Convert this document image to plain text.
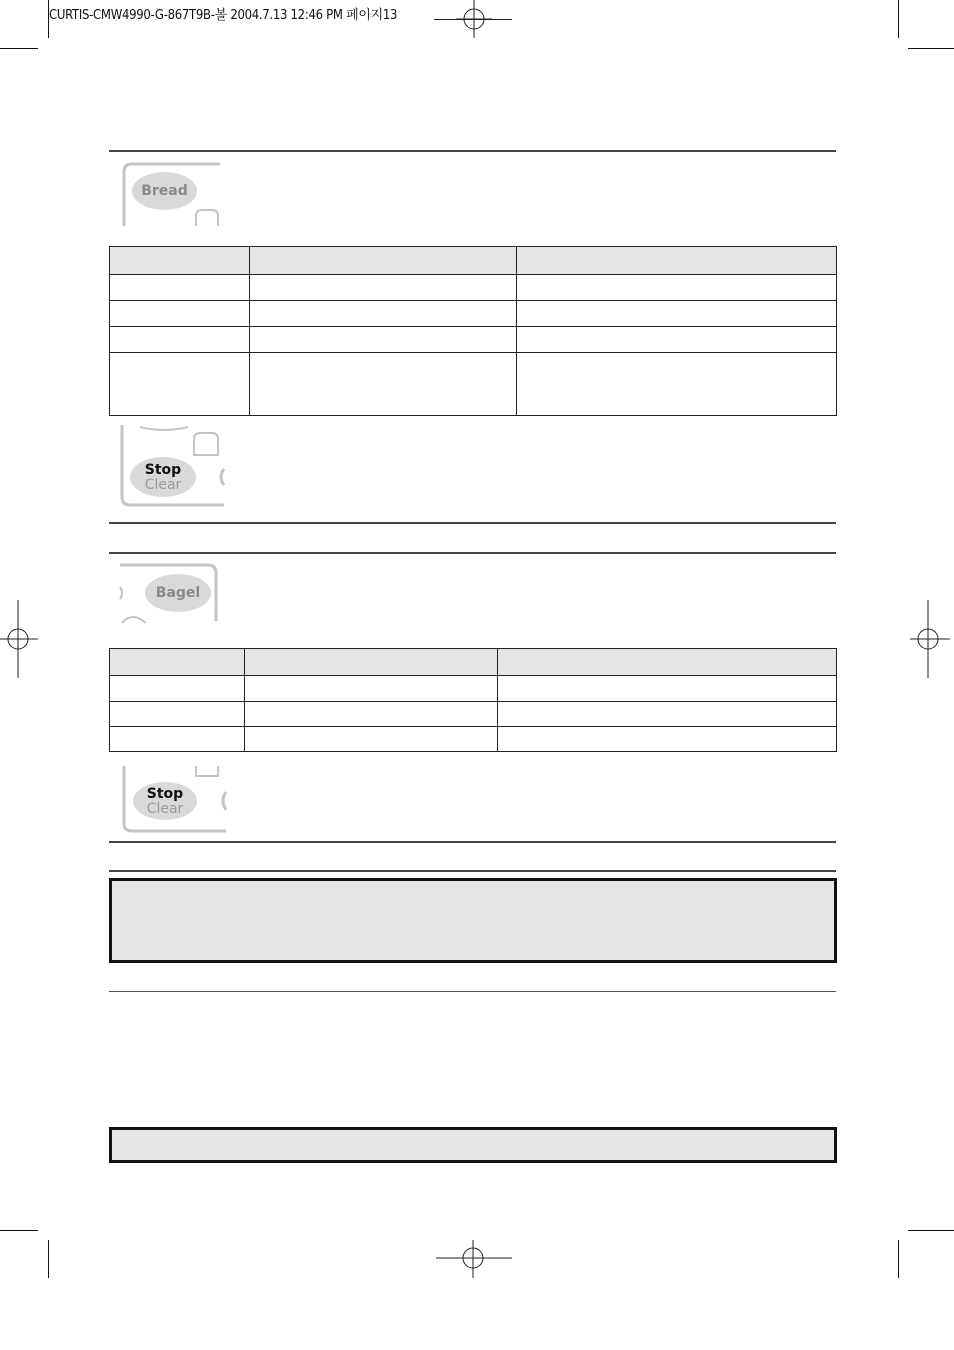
CURTIS-CMW4990-G-867T9B-볼 2004.7.13 12:46 PM 페이지13
Bread

Stop
Clear
Bagel

Stop
Clear
